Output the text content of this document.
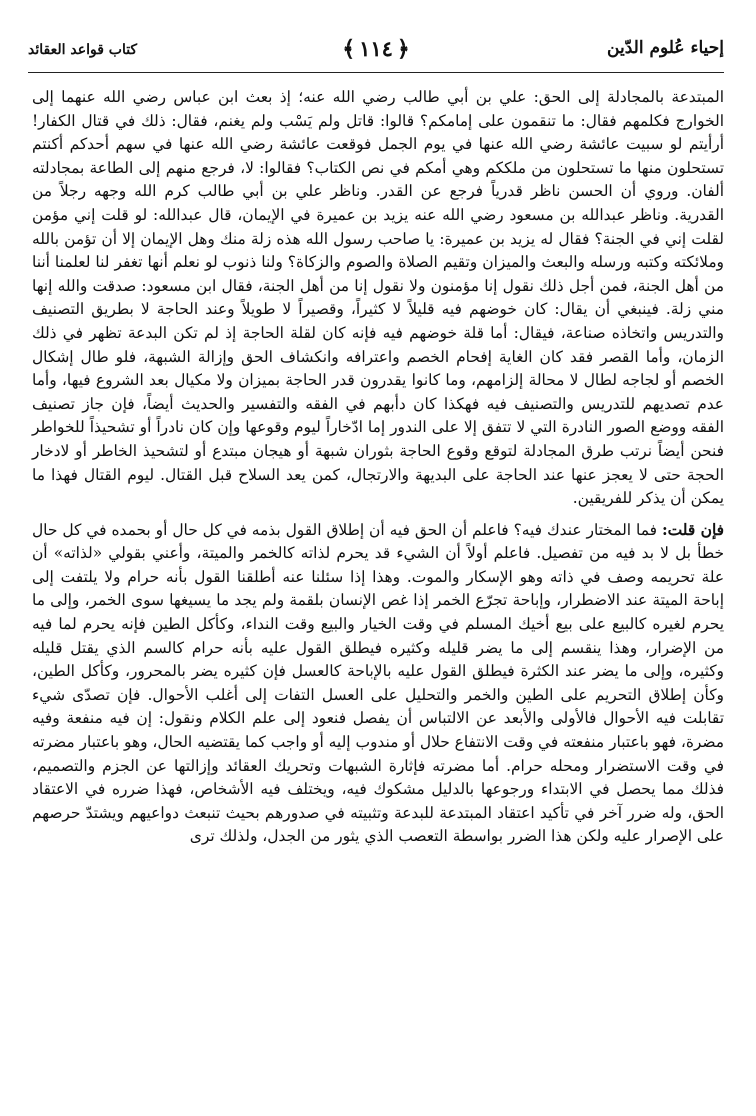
إحياء عُلوم الدّين
﴿١١٤﴾
كتاب قواعد العقائد

المبتدعة بالمجادلة إلى الحق: علي بن أبي طالب رضي الله عنه؛ إذ بعث ابن عباس رضي الله عنهما إلى الخوارج فكلمهم فقال: ما تنقمون على إمامكم؟ قالوا: قاتل ولم يَسْب ولم يغنم، فقال: ذلك في قتال الكفار! أرأيتم لو سبيت عائشة رضي الله عنها في يوم الجمل فوقعت عائشة رضي الله عنها في سهم أحدكم أكنتم تستحلون منها ما تستحلون من ملككم وهي أمكم في نص الكتاب؟ فقالوا: لا، فرجع منهم إلى الطاعة بمجادلته ألفان. وروي أن الحسن ناظر قدرياً فرجع عن القدر. وناظر علي بن أبي طالب كرم الله وجهه رجلاً من القدرية. وناظر عبدالله بن مسعود رضي الله عنه يزيد بن عميرة في الإيمان، قال عبدالله: لو قلت إني مؤمن لقلت إني في الجنة؟ فقال له يزيد بن عميرة: يا صاحب رسول الله هذه زلة منك وهل الإيمان إلا أن تؤمن بالله وملائكته وكتبه ورسله والبعث والميزان وتقيم الصلاة والصوم والزكاة؟ ولنا ذنوب لو نعلم أنها تغفر لنا لعلمنا أننا من أهل الجنة، فمن أجل ذلك نقول إنا مؤمنون ولا نقول إنا من أهل الجنة، فقال ابن مسعود: صدقت والله إنها مني زلة. فينبغي أن يقال: كان خوضهم فيه قليلاً لا كثيراً، وقصيراً لا طويلاً وعند الحاجة لا بطريق التصنيف والتدريس واتخاذه صناعة، فيقال: أما قلة خوضهم فيه فإنه كان لقلة الحاجة إذ لم تكن البدعة تظهر في ذلك الزمان، وأما القصر فقد كان الغاية إفحام الخصم واعترافه وانكشاف الحق وإزالة الشبهة، فلو طال إشكال الخصم أو لجاجه لطال لا محالة إلزامهم، وما كانوا يقدرون قدر الحاجة بميزان ولا مكيال بعد الشروع فيها، وأما عدم تصديهم للتدريس والتصنيف فيه فهكذا كان دأبهم في الفقه والتفسير والحديث أيضاً، فإن جاز تصنيف الفقه ووضع الصور النادرة التي لا تتفق إلا على الندور إما ادّخاراً ليوم وقوعها وإن كان نادراً أو تشحيذاً للخواطر فنحن أيضاً نرتب طرق المجادلة لتوقع وقوع الحاجة بثوران شبهة أو هيجان مبتدع أو لتشحيذ الخاطر أو لادخار الحجة حتى لا يعجز عنها عند الحاجة على البديهة والارتجال، كمن يعد السلاح قبل القتال. ليوم القتال فهذا ما يمكن أن يذكر للفريقين.

فإن قلت: فما المختار عندك فيه؟ فاعلم أن الحق فيه أن إطلاق القول بذمه في كل حال أو بحمده في كل حال خطأ بل لا بد فيه من تفصيل. فاعلم أولاً أن الشيء قد يحرم لذاته كالخمر والميتة، وأعني بقولي «لذاته» أن علة تحريمه وصف في ذاته وهو الإسكار والموت. وهذا إذا سئلنا عنه أطلقنا القول بأنه حرام ولا يلتفت إلى إباحة الميتة عند الاضطرار، وإباحة تجرّع الخمر إذا غص الإنسان بلقمة ولم يجد ما يسيغها سوى الخمر، وإلى ما يحرم لغيره كالبيع على بيع أخيك المسلم في وقت الخيار والبيع وقت النداء، وكأكل الطين فإنه يحرم لما فيه من الإضرار، وهذا ينقسم إلى ما يضر قليله وكثيره فيطلق القول عليه بأنه حرام كالسم الذي يقتل قليله وكثيره، وإلى ما يضر عند الكثرة فيطلق القول عليه بالإباحة كالعسل فإن كثيره يضر بالمحرور، وكأكل الطين، وكأن إطلاق التحريم على الطين والخمر والتحليل على العسل التفات إلى أغلب الأحوال. فإن تصدّى شيء تقابلت فيه الأحوال فالأولى والأبعد عن الالتباس أن يفصل فنعود إلى علم الكلام ونقول: إن فيه منفعة وفيه مضرة، فهو باعتبار منفعته في وقت الانتفاع حلال أو مندوب إليه أو واجب كما يقتضيه الحال، وهو باعتبار مضرته في وقت الاستضرار ومحله حرام. أما مضرته فإثارة الشبهات وتحريك العقائد وإزالتها عن الجزم والتصميم، فذلك مما يحصل في الابتداء ورجوعها بالدليل مشكوك فيه، ويختلف فيه الأشخاص، فهذا ضرره في الاعتقاد الحق، وله ضرر آخر في تأكيد اعتقاد المبتدعة للبدعة وتثبيته في صدورهم بحيث تنبعث دواعيهم ويشتدّ حرصهم على الإصرار عليه ولكن هذا الضرر بواسطة التعصب الذي يثور من الجدل، ولذلك ترى
